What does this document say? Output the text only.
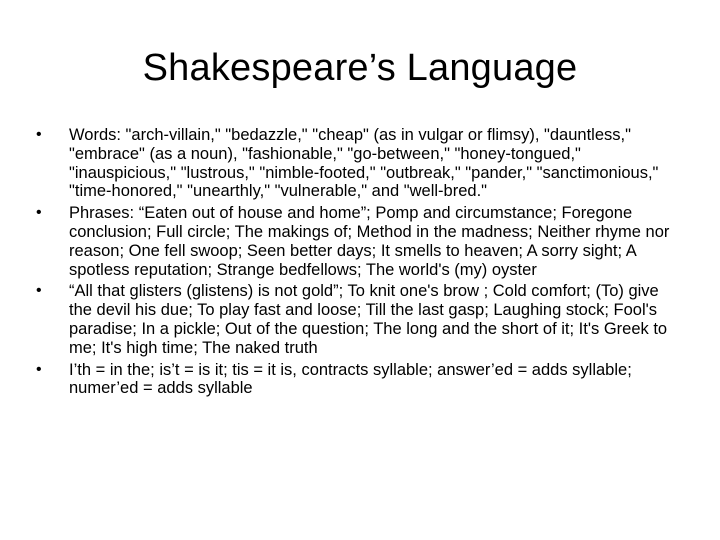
Shakespeare’s Language
•	Words: "arch-villain," "bedazzle," "cheap" (as in vulgar or flimsy), "dauntless," "embrace" (as a noun), "fashionable," "go-between," "honey-tongued," "inauspicious," "lustrous," "nimble-footed," "outbreak," "pander," "sanctimonious," "time-honored," "unearthly," "vulnerable," and "well-bred."
•	Phrases: “Eaten out of house and home”; Pomp and circumstance; Foregone conclusion; Full circle; The makings of; Method in the madness; Neither rhyme nor reason; One fell swoop; Seen better days; It smells to heaven; A sorry sight; A spotless reputation; Strange bedfellows; The world's (my) oyster
•	“All that glisters (glistens) is not gold”; To knit one's brow ; Cold comfort; (To) give the devil his due; To play fast and loose; Till the last gasp; Laughing stock; Fool's paradise; In a pickle; Out of the question; The long and the short of it; It's Greek to me; It's high time; The naked truth
•	I’th = in the; is’t = is it; tis = it is, contracts syllable; answer’ed = adds syllable; numer’ed = adds syllable
